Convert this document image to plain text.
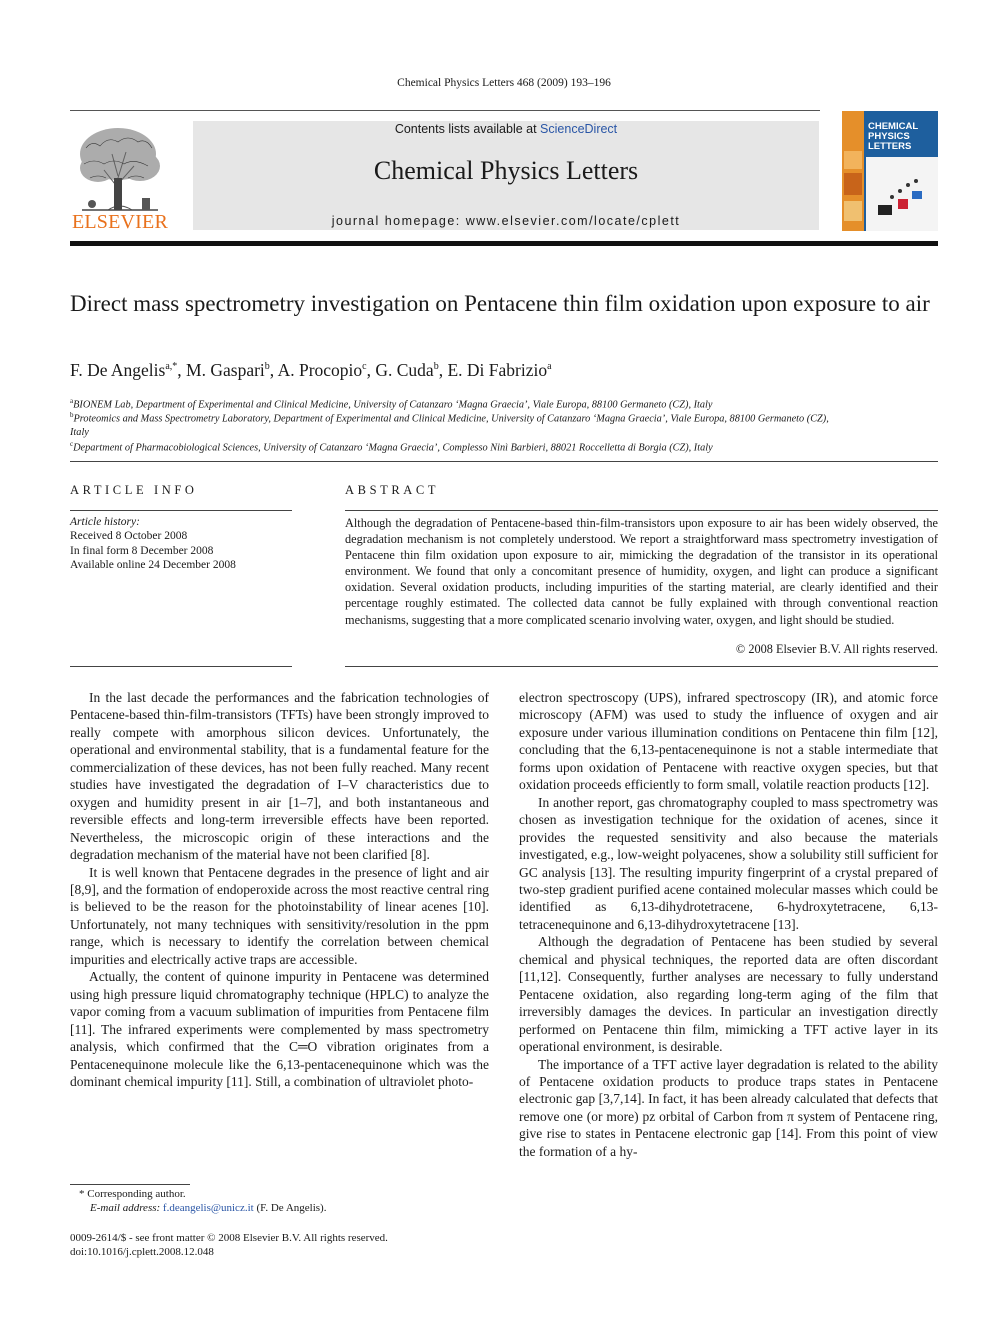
Chemical Physics Letters 468 (2009) 193–196
ELSEVIER
Contents lists available at ScienceDirect
Chemical Physics Letters
journal homepage: www.elsevier.com/locate/cplett
CHEMICAL
PHYSICS
LETTERS
Direct mass spectrometry investigation on Pentacene thin film oxidation upon exposure to air
F. De Angelis$^{a,*}$, M. Gaspari$^b$, A. Procopio$^c$, G. Cuda$^b$, E. Di Fabrizio$^a$
$^a$BIONEM Lab, Department of Experimental and Clinical Medicine, University of Catanzaro ‘Magna Graecia’, Viale Europa, 88100 Germaneto (CZ), Italy
$^b$Proteomics and Mass Spectrometry Laboratory, Department of Experimental and Clinical Medicine, University of Catanzaro ‘Magna Graecia’, Viale Europa, 88100 Germaneto (CZ), Italy
$^c$Department of Pharmacobiological Sciences, University of Catanzaro ‘Magna Graecia’, Complesso Ninì Barbieri, 88021 Roccelletta di Borgia (CZ), Italy
ARTICLE INFO	ABSTRACT
Article history:
Received 8 October 2008
In final form 8 December 2008
Available online 24 December 2008
Although the degradation of Pentacene-based thin-film-transistors upon exposure to air has been widely observed, the degradation mechanism is not completely understood. We report a straightforward mass spectrometry investigation of Pentacene thin film oxidation upon exposure to air, mimicking the degradation of the transistor in its operational environment. We found that only a concomitant presence of humidity, oxygen, and light can produce a significant oxidation. Several oxidation products, including impurities of the starting material, are clearly identified and their percentage roughly estimated. The collected data cannot be fully explained with through conventional reaction mechanisms, suggesting that a more complicated scenario involving water, oxygen, and light should be studied.
© 2008 Elsevier B.V. All rights reserved.

In the last decade the performances and the fabrication technologies of Pentacene-based thin-film-transistors (TFTs) have been strongly improved to really compete with amorphous silicon devices. Unfortunately, the operational and environmental stability, that is a fundamental feature for the commercialization of these devices, has not been fully reached. Many recent studies have investigated the degradation of I–V characteristics due to oxygen and humidity present in air [1–7], and both instantaneous and reversible effects and long-term irreversible effects have been reported. Nevertheless, the microscopic origin of these interactions and the degradation mechanism of the material have not been clarified [8].

It is well known that Pentacene degrades in the presence of light and air [8,9], and the formation of endoperoxide across the most reactive central ring is believed to be the reason for the photoinstability of linear acenes [10]. Unfortunately, not many techniques with sensitivity/resolution in the ppm range, which is necessary to identify the correlation between chemical impurities and electrically active traps are accessible.

Actually, the content of quinone impurity in Pentacene was determined using high pressure liquid chromatography technique (HPLC) to analyze the vapor coming from a vacuum sublimation of impurities from Pentacene film [11]. The infrared experiments were complemented by mass spectrometry analysis, which confirmed that the C═O vibration originates from a Pentacenequinone molecule like the 6,13-pentacenequinone which was the dominant chemical impurity [11]. Still, a combination of ultraviolet photo-

electron spectroscopy (UPS), infrared spectroscopy (IR), and atomic force microscopy (AFM) was used to study the influence of oxygen and air exposure under various illumination conditions on Pentacene thin film [12], concluding that the 6,13-pentacenequinone is not a stable intermediate that forms upon oxidation of Pentacene with reactive oxygen species, but that oxidation proceeds efficiently to form small, volatile reaction products [12].

In another report, gas chromatography coupled to mass spectrometry was chosen as investigation technique for the oxidation of acenes, since it provides the requested sensitivity and also because the materials investigated, e.g., low-weight polyacenes, show a solubility still sufficient for GC analysis [13]. The resulting impurity fingerprint of a crystal prepared of two-step gradient purified acene contained molecular masses which could be identified as 6,13-dihydrotetracene, 6-hydroxytetracene, 6,13-tetracenequinone and 6,13-dihydroxytetracene [13].

Although the degradation of Pentacene has been studied by several chemical and physical techniques, the reported data are often discordant [11,12]. Consequently, further analyses are necessary to fully understand Pentacene oxidation, also regarding long-term aging of the film that irreversibly damages the devices. In particular an investigation directly performed on Pentacene thin film, mimicking a TFT active layer in its operational environment, is desirable.

The importance of a TFT active layer degradation is related to the ability of Pentacene oxidation products to produce traps states in Pentacene electronic gap [3,7,14]. In fact, it has been already calculated that defects that remove one (or more) pz orbital of Carbon from π system of Pentacene ring, give rise to states in Pentacene electronic gap [14]. From this point of view the formation of a hy-

* Corresponding author.
E-mail address: f.deangelis@unicz.it (F. De Angelis).
0009-2614/$ - see front matter © 2008 Elsevier B.V. All rights reserved.
doi:10.1016/j.cplett.2008.12.048
